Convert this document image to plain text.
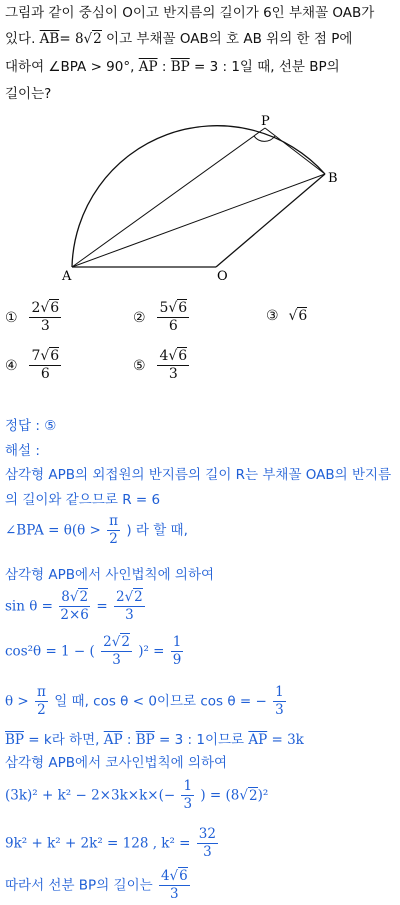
그림과 같이 중심이 O이고 반지름의 길이가 6인 부채꼴 OAB가
있다. $\overline{AB}= 8√2$ 이고 부채꼴 OAB의 호 AB 위의 한 점 P에
대하여 ∠BPA > 90°, $\overline{AP}$ : $\overline{BP} = 3$ : 1일 때, 선분 BP의
길이는?
P
B
A	O
① $\frac{2√6}{3}$	② $\frac{5√6}{6}$	③ √6
④ $\frac{7√6}{6}$	⑤ $\frac{4√6}{3}$
정답 : ⑤
해설 :
삼각형 APB의 외접원의 반지름의 길이 R는 부채꼴 OAB의 반지름
의 길이와 같으므로 R = 6
∠BPA = $\theta(\theta > \frac{\pi}{2}$ ) 라 할 때,
삼각형 APB에서 사인법칙에 의하여
$\sin \theta = \frac{8√2}{2\times 6} = \frac{2√2}{3}$
cos²θ = 1 − ( $\frac{2√2}{3} )^2 = \frac{1}{9}$
$\theta > \frac{\pi}{2}$ 일 때, cos θ < 0이므로 cos θ = − $\frac{1}{3}$
$\overline{BP} = k$라 하면, $\overline{AP}$ : $\overline{BP} = 3$ : 1이므로 $\overline{AP} = 3k$
삼각형 APB에서 코사인법칙에 의하여
$(3k)^2 + k^2 - 2\times 3k\times k\times(- \frac{1}{3}$ ) = (8√2)²
9k² + k² + 2k² = 128 , $k^2 = \frac{32}{3}$
따라서 선분 BP의 길이는 $\frac{4√6}{3}$
